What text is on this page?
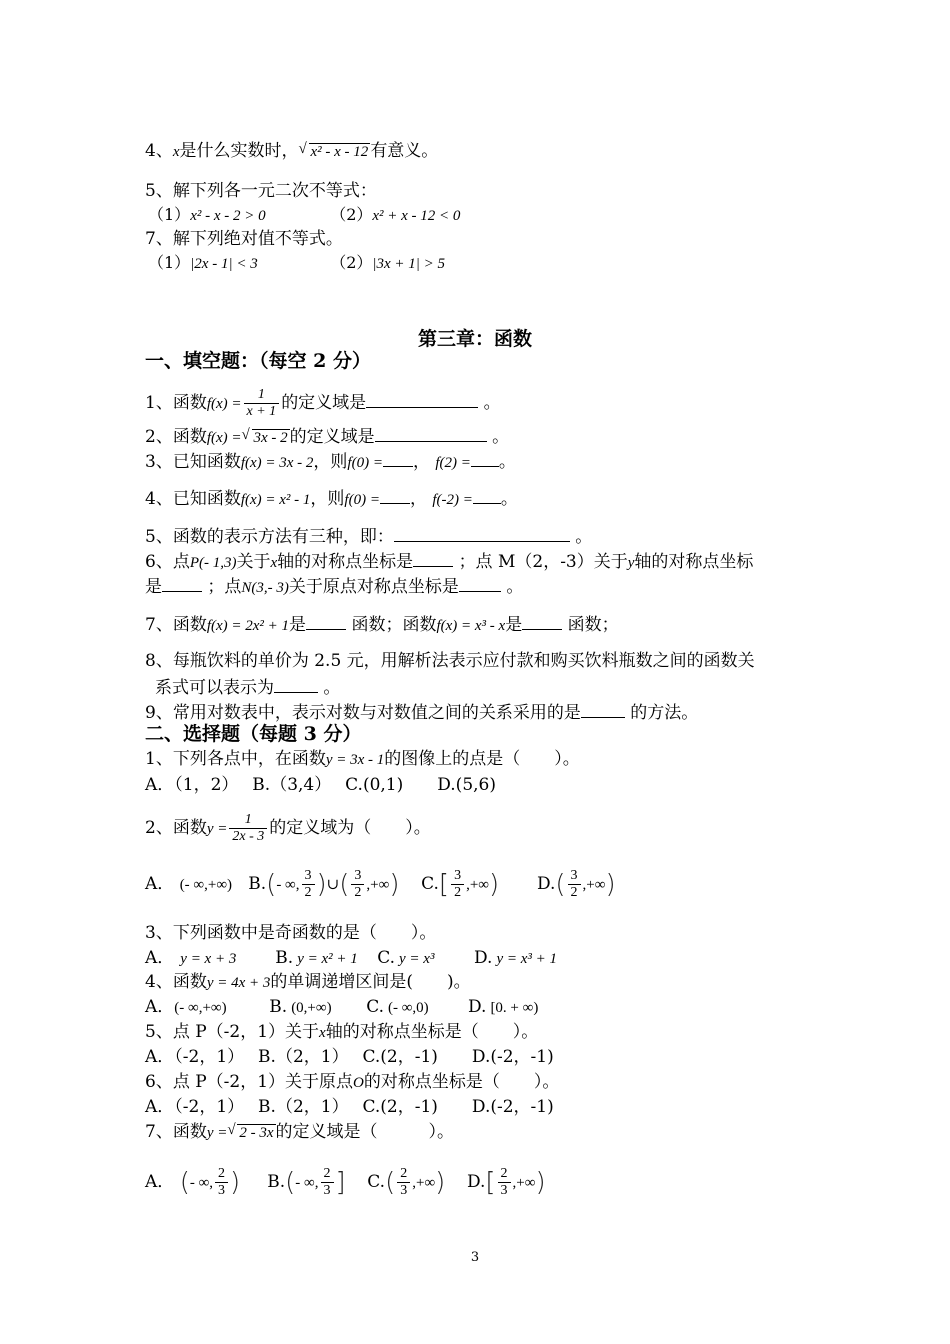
4、x是什么实数时， √ x² - x - 12 有意义。
5、解下列各一元二次不等式：
（1）x² - x - 2 > 0	（2）x² + x - 12 < 0
7、解下列绝对值不等式。
（1）|2x - 1| < 3	（2）|3x + 1| > 5
第三章：函数
一、填空题：（每空 2 分）
1、函数$f(x) = \frac{1}{x + 1}$ 的定义域是	。
2、函数f(x) = √ 3x - 2 的定义域是	。
3、已知函数f(x) = 3x - 2，则f(0) = ， f(2) = 。
4、已知函数f(x) = x² - 1，则f(0) = ， f(-2) = 。
5、函数的表示方法有三种，即：	。
6、点P(- 1,3)关于x轴的对称点坐标是	；点 M（2，-3）关于y轴的对称点坐标
是	；点N(3,- 3)关于原点对称点坐标是	。
7、函数f(x) = 2x² + 1是	函数；函数f(x) = x³ - x是	函数；
8、每瓶饮料的单价为 2.5 元，用解析法表示应付款和购买饮料瓶数之间的函数关
系式可以表示为	。
9、常用对数表中，表示对数与对数值之间的关系采用的是	的方法。
二、选择题（每题 3 分）
1、下列各点中，在函数y = 3x - 1的图像上的点是（　　）。
A．（1，2）　 B.（3,4）　 C.(0,1)　　D.(5,6)
2、函数$y = \frac{1}{2x - 3}$ 的定义域为（　　）。
A． (- ∞,+∞) B.(- ∞, $\frac{3}{2}$ )∪( $\frac{3}{2}$ ,+∞) $C.[ \frac{3}{2}$ ,+∞) $D.( \frac{3}{2}$ ,+∞)
3、下列函数中是奇函数的是（　　）。
A． y = x + 3 B. y = x² + 1 C. y = x³ D. y = x³ + 1
4、函数y = 4x + 3的单调递增区间是(　　)。
A．(- ∞,+∞)	B. (0,+∞) C. (- ∞,0) D. [0. + ∞)
5、点 P（-2，1）关于x轴的对称点坐标是（　　）。
A．（-2，1）　 B.（2，1）　 C.(2，-1)　　D.(-2，-1)
6、点 P（-2，1）关于原点O的对称点坐标是（　　）。
A．（-2，1）　 B.（2，1）　 C.(2，-1)　　D.(-2，-1)
7、函数y = √ 2 - 3x 的定义域是（　　　）。
A． (- ∞, $\frac{2}{3}$ ) B.(- ∞, $\frac{2}{3}$ ] $C.( \frac{2}{3}$ ,+∞) $D.[ \frac{2}{3}$ ,+∞)
3
